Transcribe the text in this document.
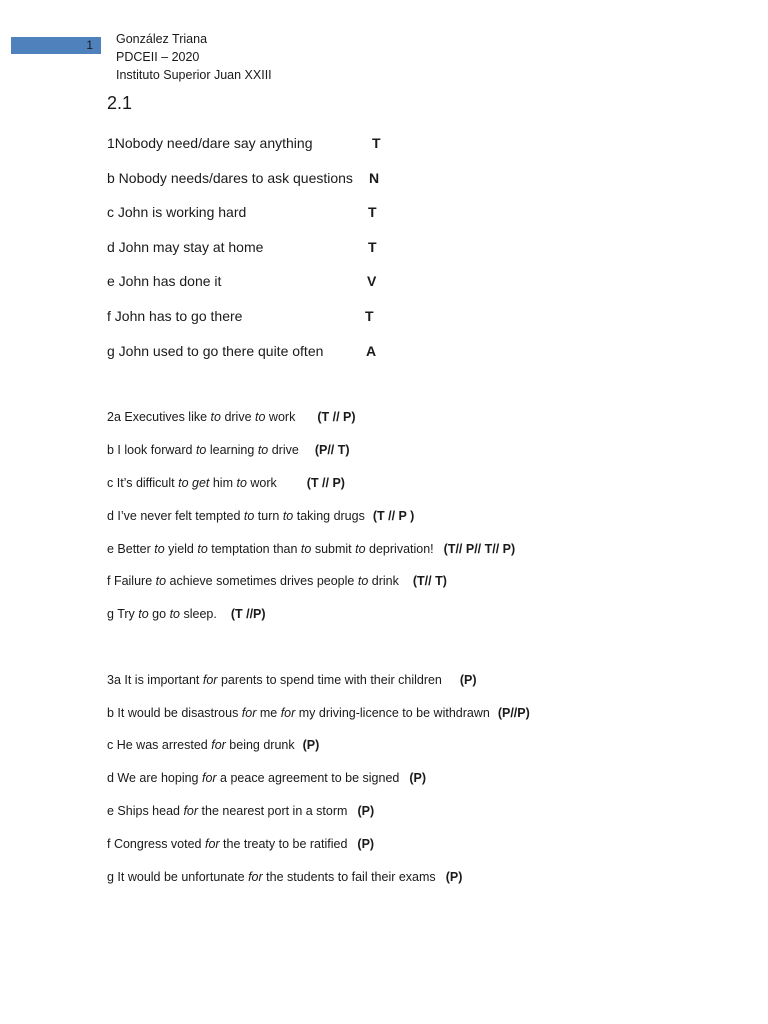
1	González Triana
PDCEII – 2020
Instituto Superior Juan XXIII
2.1
1Nobody need/dare say anything	T
b Nobody needs/dares to ask questions N
c John is working hard	T
d John may stay at home	T
e John has done it	V
f John has to go there	T
g John used to go there quite often	A
2a Executives like to drive to work (T // P)
b I look forward to learning to drive (P// T)
c It’s difficult to get him to work (T // P)
d I’ve never felt tempted to turn to taking drugs (T // P )
e Better to yield to temptation than to submit to deprivation! (T// P// T// P)
f Failure to achieve sometimes drives people to drink (T// T)
g Try to go to sleep. (T //P)
3a It is important for parents to spend time with their children (P)
b It would be disastrous for me for my driving-licence to be withdrawn (P//P)
c He was arrested for being drunk (P)
d We are hoping for a peace agreement to be signed (P)
e Ships head for the nearest port in a storm (P)
f Congress voted for the treaty to be ratified (P)
g It would be unfortunate for the students to fail their exams (P)
